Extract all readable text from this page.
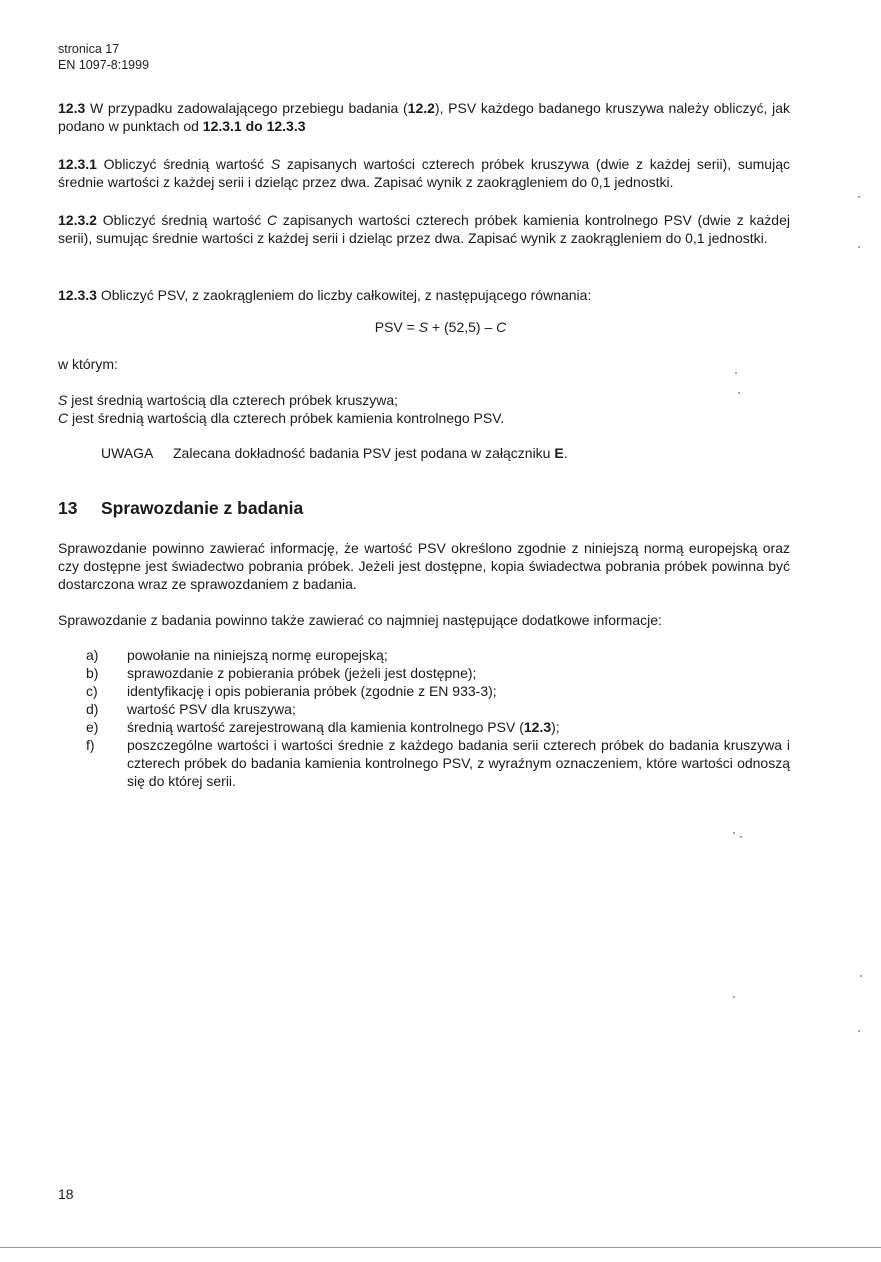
stronica 17
EN 1097-8:1999
12.3 W przypadku zadowalającego przebiegu badania (12.2), PSV każdego badanego kruszywa należy obliczyć, jak podano w punktach od 12.3.1 do 12.3.3
12.3.1 Obliczyć średnią wartość S zapisanych wartości czterech próbek kruszywa (dwie z każdej serii), sumując średnie wartości z każdej serii i dzieląc przez dwa. Zapisać wynik z zaokrągleniem do 0,1 jednostki.
12.3.2 Obliczyć średnią wartość C zapisanych wartości czterech próbek kamienia kontrolnego PSV (dwie z każdej serii), sumując średnie wartości z każdej serii i dzieląc przez dwa. Zapisać wynik z zaokrągleniem do 0,1 jednostki.
12.3.3 Obliczyć PSV, z zaokrągleniem do liczby całkowitej, z następującego równania:
PSV = S + (52,5) – C
w którym:
S jest średnią wartością dla czterech próbek kruszywa;
C jest średnią wartością dla czterech próbek kamienia kontrolnego PSV.
UWAGA Zalecana dokładność badania PSV jest podana w załączniku E.
13 Sprawozdanie z badania
Sprawozdanie powinno zawierać informację, że wartość PSV określono zgodnie z niniejszą normą europejską oraz czy dostępne jest świadectwo pobrania próbek. Jeżeli jest dostępne, kopia świadectwa pobrania próbek powinna być dostarczona wraz ze sprawozdaniem z badania.
Sprawozdanie z badania powinno także zawierać co najmniej następujące dodatkowe informacje:
a)	powołanie na niniejszą normę europejską;
b)	sprawozdanie z pobierania próbek (jeżeli jest dostępne);
c)	identyfikację i opis pobierania próbek (zgodnie z EN 933-3);
d)	wartość PSV dla kruszywa;
e)	średnią wartość zarejestrowaną dla kamienia kontrolnego PSV (12.3);
f)	poszczególne wartości i wartości średnie z każdego badania serii czterech próbek do badania kruszywa i czterech próbek do badania kamienia kontrolnego PSV, z wyraźnym oznaczeniem, które wartości odnoszą się do której serii.
18
